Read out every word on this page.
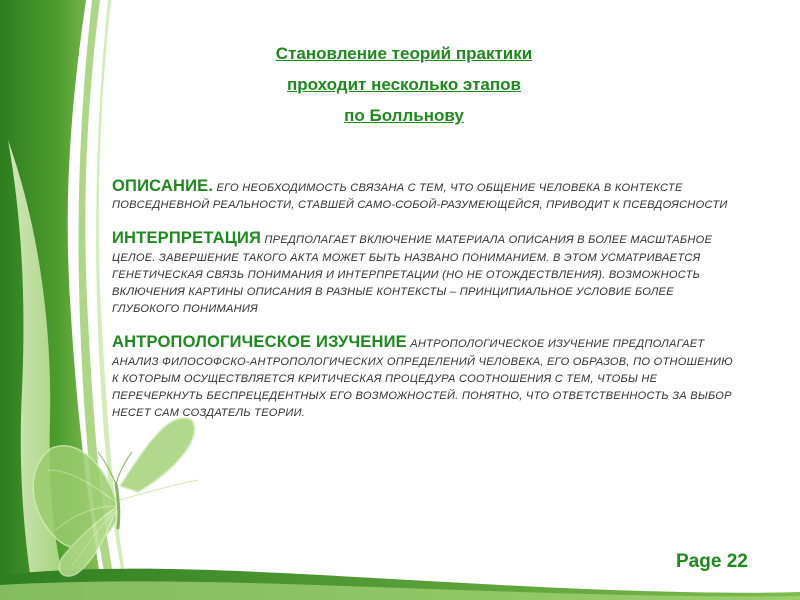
Становление теорий практики
проходит несколько этапов
по Болльнову

ОПИСАНИЕ. ЕГО НЕОБХОДИМОСТЬ СВЯЗАНА С ТЕМ, ЧТО ОБЩЕНИЕ ЧЕЛОВЕКА В КОНТЕКСТЕ ПОВСЕДНЕВНОЙ РЕАЛЬНОСТИ, СТАВШЕЙ САМО-СОБОЙ-РАЗУМЕЮЩЕЙСЯ, ПРИВОДИТ К ПСЕВДОЯСНОСТИ

ИНТЕРПРЕТАЦИЯ ПРЕДПОЛАГАЕТ ВКЛЮЧЕНИЕ МАТЕРИАЛА ОПИСАНИЯ В БОЛЕЕ МАСШТАБНОЕ ЦЕЛОЕ. ЗАВЕРШЕНИЕ ТАКОГО АКТА МОЖЕТ БЫТЬ НАЗВАНО ПОНИМАНИЕМ. В ЭТОМ УСМАТРИВАЕТСЯ ГЕНЕТИЧЕСКАЯ СВЯЗЬ ПОНИМАНИЯ И ИНТЕРПРЕТАЦИИ (НО НЕ ОТОЖДЕСТВЛЕНИЯ). ВОЗМОЖНОСТЬ ВКЛЮЧЕНИЯ КАРТИНЫ ОПИСАНИЯ В РАЗНЫЕ КОНТЕКСТЫ – ПРИНЦИПИАЛЬНОЕ УСЛОВИЕ БОЛЕЕ ГЛУБОКОГО ПОНИМАНИЯ

АНТРОПОЛОГИЧЕСКОЕ ИЗУЧЕНИЕ АНТРОПОЛОГИЧЕСКОЕ ИЗУЧЕНИЕ ПРЕДПОЛАГАЕТ АНАЛИЗ ФИЛОСОФСКО-АНТРОПОЛОГИЧЕСКИХ ОПРЕДЕЛЕНИЙ ЧЕЛОВЕКА, ЕГО ОБРАЗОВ, ПО ОТНОШЕНИЮ К КОТОРЫМ ОСУЩЕСТВЛЯЕТСЯ КРИТИЧЕСКАЯ ПРОЦЕДУРА СООТНОШЕНИЯ С ТЕМ, ЧТОБЫ НЕ ПЕРЕЧЕРКНУТЬ БЕСПРЕЦЕДЕНТНЫХ ЕГО ВОЗМОЖНОСТЕЙ. ПОНЯТНО, ЧТО ОТВЕТСТВЕННОСТЬ ЗА ВЫБОР НЕСЕТ САМ СОЗДАТЕЛЬ ТЕОРИИ.

Page 22
